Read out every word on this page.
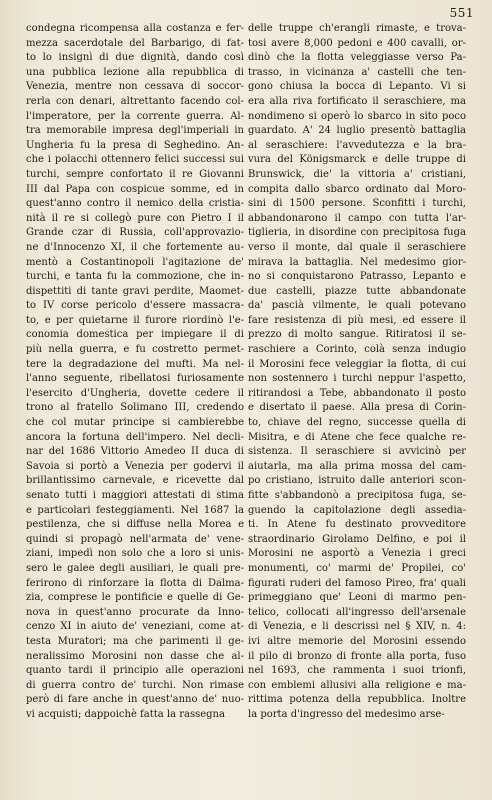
551
condegna ricompensa alla costanza e fer-
mezza sacerdotale del Barbarigo, di fat-
to lo insignì di due dignità, dando così
una pubblica lezione alla repubblica di
Venezia, mentre non cessava di soccor-
rerla con denari, altrettanto facendo col-
l'imperatore, per la corrente guerra. Al-
tra memorabile impresa degl'imperiali in
Ungheria fu la presa di Seghedino. An-
che i polacchi ottennero felici successi sui
turchi, sempre confortato il re Giovanni
III dal Papa con cospicue somme, ed in
quest'anno contro il nemico della cristia-
nità il re si collegò pure con Pietro I il
Grande czar di Russia, coll'approvazio-
ne d'Innocenzo XI, il che fortemente au-
mentò a Costantinopoli l'agitazione de'
turchi, e tanta fu la commozione, che in-
dispettiti di tante gravi perdite, Maomet-
to IV corse pericolo d'essere massacra-
to, e per quietarne il furore riordinò l'e-
conomia domestica per impiegare il di
più nella guerra, e fu costretto permet-
tere la degradazione del mufti. Ma nel-
l'anno seguente, ribellatosi furiosamente
l'esercito d'Ungheria, dovette cedere il
trono al fratello Solimano III, credendo
che col mutar principe si cambierebbe
ancora la fortuna dell'impero. Nel decli-
nar del 1686 Vittorio Amedeo II duca di
Savoia si portò a Venezia per godervi il
brillantissimo carnevale, e ricevette dal
senato tutti i maggiori attestati di stima
e particolari festeggiamenti. Nel 1687 la
pestilenza, che si diffuse nella Morea e
quindi si propagò nell'armata de' vene-
ziani, impedì non solo che a loro si unis-
sero le galee degli ausiliari, le quali pre-
ferirono di rinforzare la flotta di Dalma-
zia, comprese le pontificie e quelle di Ge-
nova in quest'anno procurate da Inno-
cenzo XI in aiuto de' veneziani, come at-
testa Muratori; ma che parimenti il ge-
neralissimo Morosini non dasse che al-
quanto tardi il principio alle operazioni
di guerra contro de' turchi. Non rimase
però di fare anche in quest'anno de' nuo-
vi acquisti; dappoichè fatta la rassegna
delle truppe ch'erangli rimaste, e trova-
tosi avere 8,000 pedoni e 400 cavalli, or-
dinò che la flotta veleggiasse verso Pa-
trasso, in vicinanza a' castelli che ten-
gono chiusa la bocca di Lepanto. Vi si
era alla riva fortificato il seraschiere, ma
nondimeno si operò lo sbarco in sito poco
guardato. A' 24 luglio presentò battaglia
al seraschiere: l'avvedutezza e la bra-
vura del Königsmarck e delle truppe di
Brunswick, die' la vittoria a' cristiani,
compita dallo sbarco ordinato dal Moro-
sini di 1500 persone. Sconfitti i turchi,
abbandonarono il campo con tutta l'ar-
tiglieria, in disordine con precipitosa fuga
verso il monte, dal quale il seraschiere
mirava la battaglia. Nel medesimo gior-
no si conquistarono Patrasso, Lepanto e
due castelli, piazze tutte abbandonate
da' pascià vilmente, le quali potevano
fare resistenza di più mesi, ed essere il
prezzo di molto sangue. Ritiratosi il se-
raschiere a Corinto, colà senza indugio
il Morosini fece veleggiar la flotta, di cui
non sostennero i turchi neppur l'aspetto,
ritirandosi a Tebe, abbandonato il posto
e disertato il paese. Alla presa di Corin-
to, chiave del regno, successe quella di
Misitra, e di Atene che fece qualche re-
sistenza. Il seraschiere si avvicinò per
aiutarla, ma alla prima mossa del cam-
po cristiano, istruito dalle anteriori scon-
fitte s'abbandonò a precipitosa fuga, se-
guendo la capitolazione degli assedia-
ti. In Atene fu destinato provveditore
straordinario Girolamo Delfino, e poi il
Morosini ne asportò a Venezia i greci
monumenti, co' marmi de' Propilei, co'
figurati ruderi del famoso Pireo, fra' quali
primeggiano que' Leoni di marmo pen-
telico, collocati all'ingresso dell'arsenale
di Venezia, e li descrissi nel § XIV, n. 4:
ivi altre memorie del Morosini essendo
il pilo di bronzo di fronte alla porta, fuso
nel 1693, che rammenta i suoi trionfi,
con emblemi allusivi alla religione e ma-
rittima potenza della repubblica. Inoltre
la porta d'ingresso del medesimo arse-
